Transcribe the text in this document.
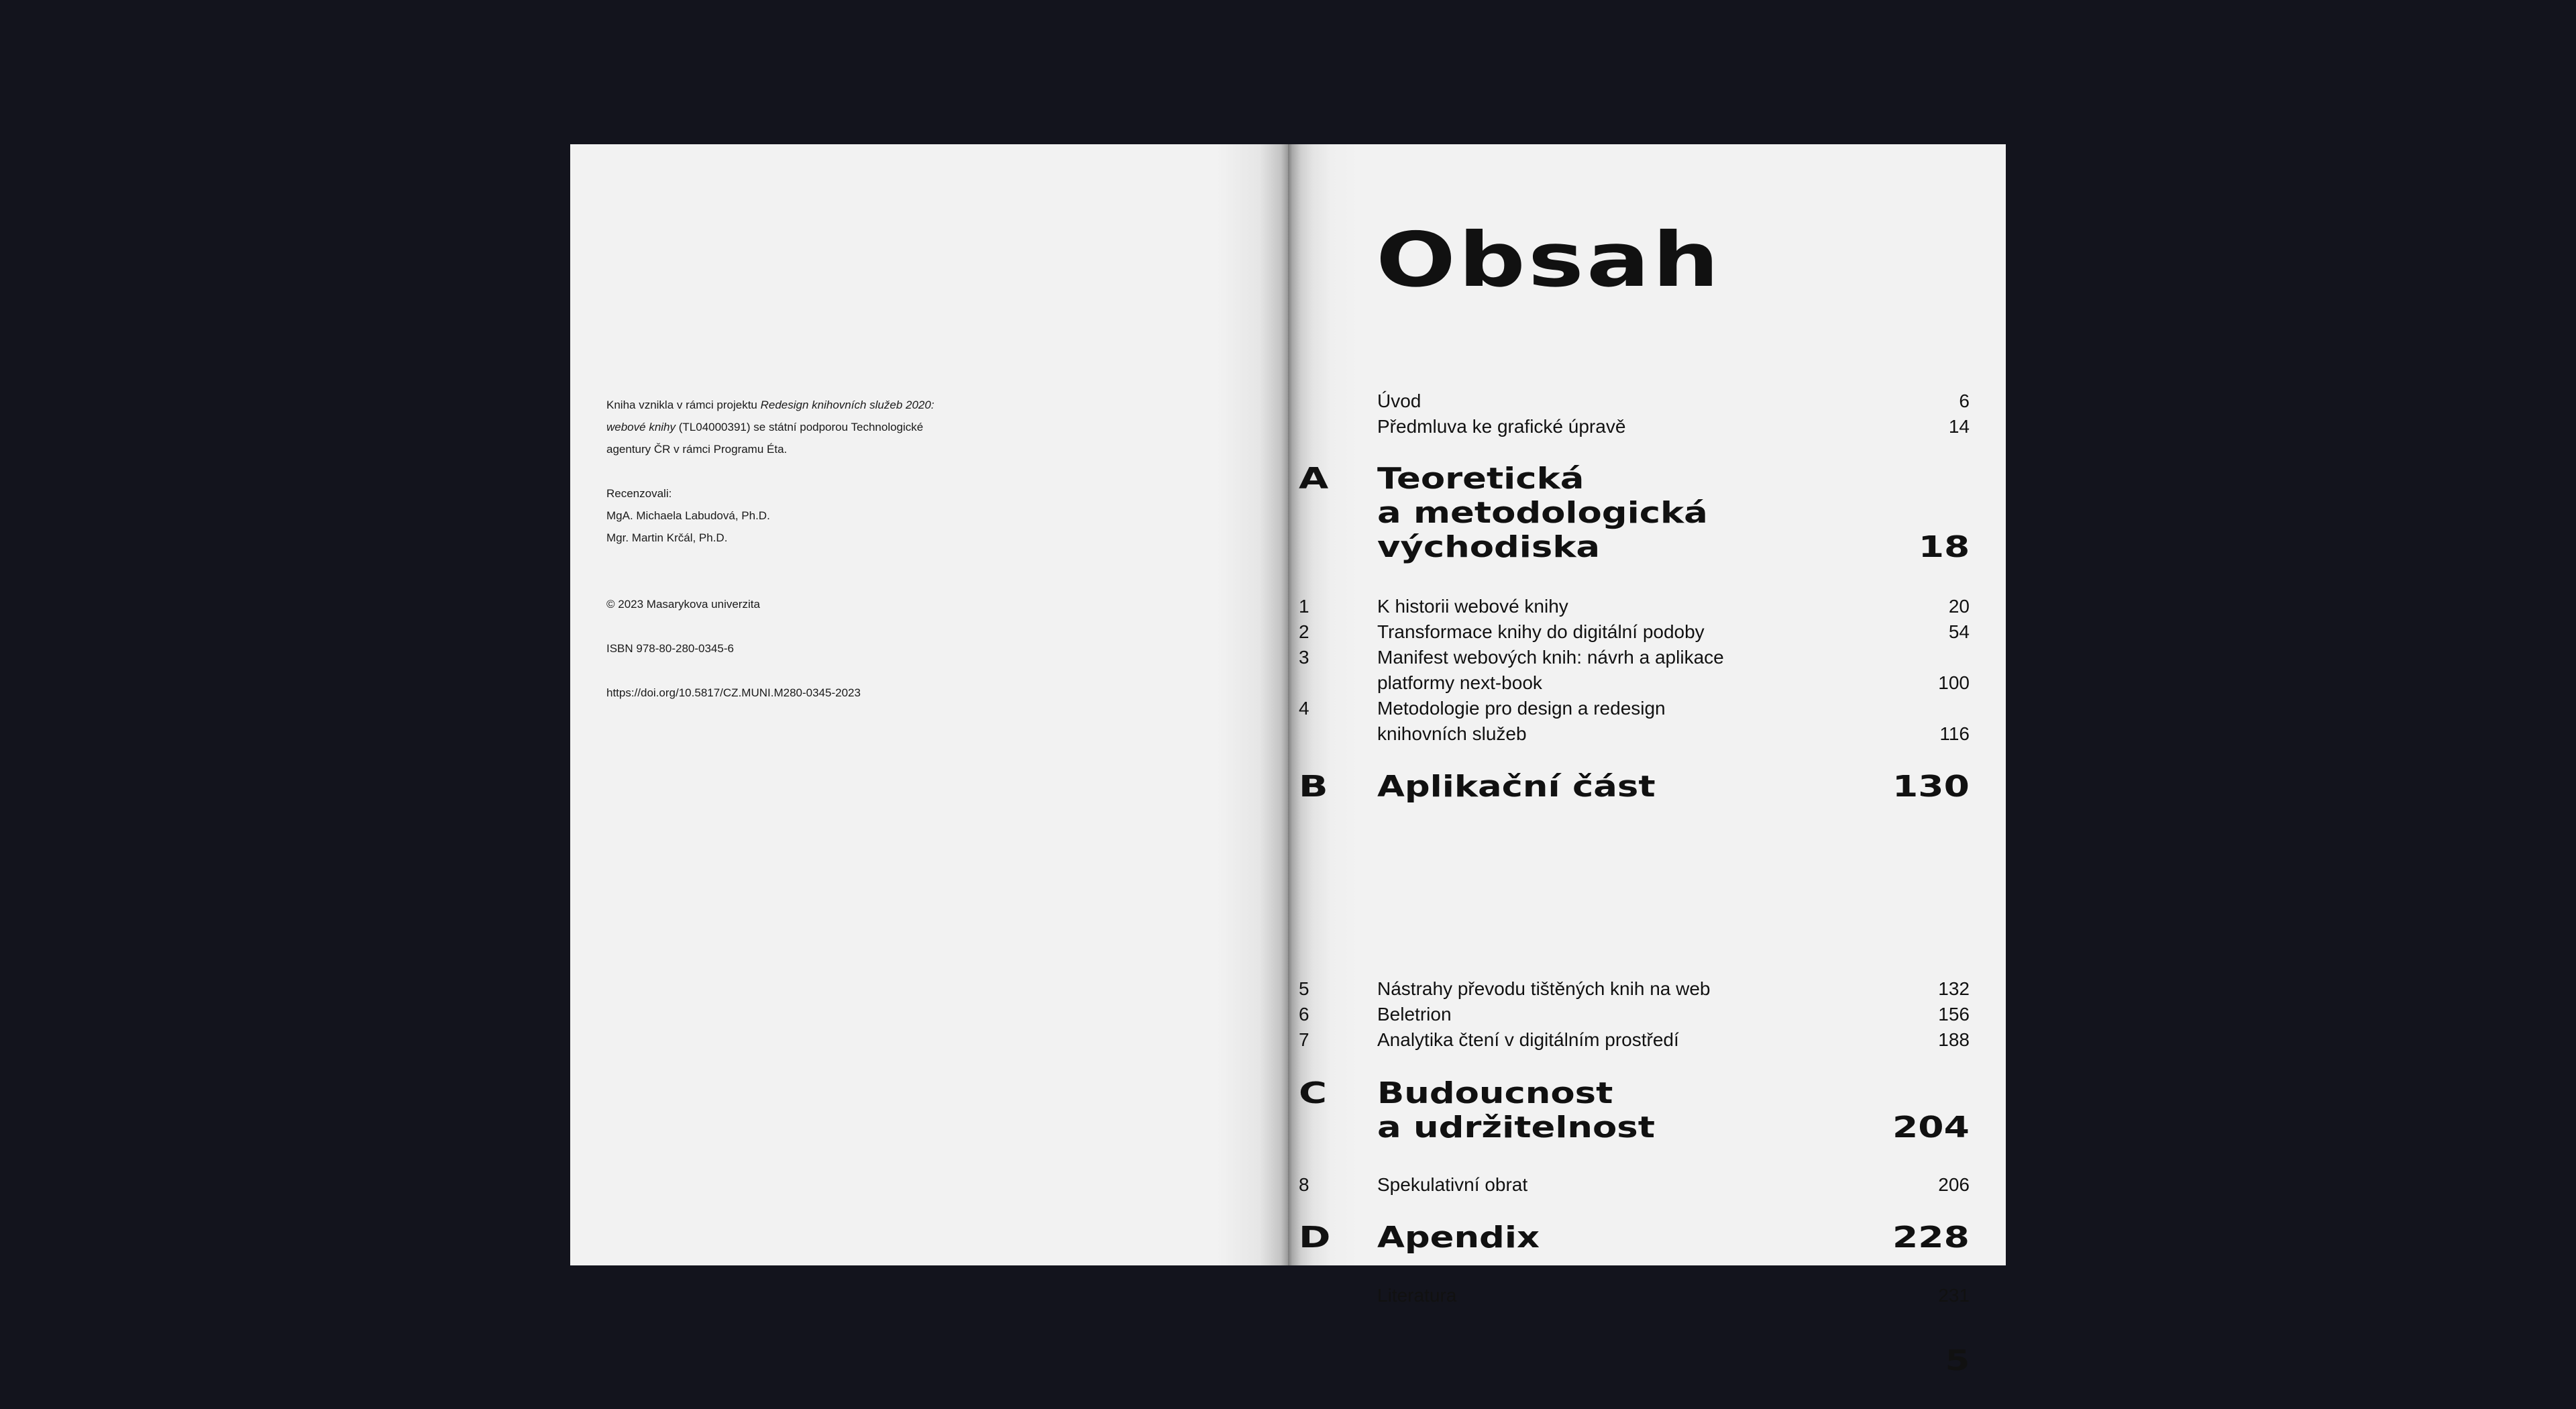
Kniha vznikla v rámci projektu Redesign knihovních služeb 2020:

webové knihy (TL04000391) se státní podporou Technologické

agentury ČR v rámci Programu Éta.

Recenzovali:

MgA. Michaela Labudová, Ph.D.

Mgr. Martin Krčál, Ph.D.

© 2023 Masarykova univerzita

ISBN 978-80-280-0345-6

https://doi.org/10.5817/CZ.MUNI.M280-0345-2023

Obsah
Úvod	6
Předmluva ke grafické úpravě	14
A Teoretická
a metodologická
východiska	18
1	K historii webové knihy	20
2	Transformace knihy do digitální podoby	54
3	Manifest webových knih: návrh a aplikace
platformy next-book	100
4	Metodologie pro design a redesign
knihovních služeb	116
B Aplikační část	130
5	Nástrahy převodu tištěných knih na web	132
6	Beletrion	156
7	Analytika čtení v digitálním prostředí	188
C Budoucnost
a udržitelnost	204
8	Spekulativní obrat	206
D Apendix	228
Literatura	231
5
